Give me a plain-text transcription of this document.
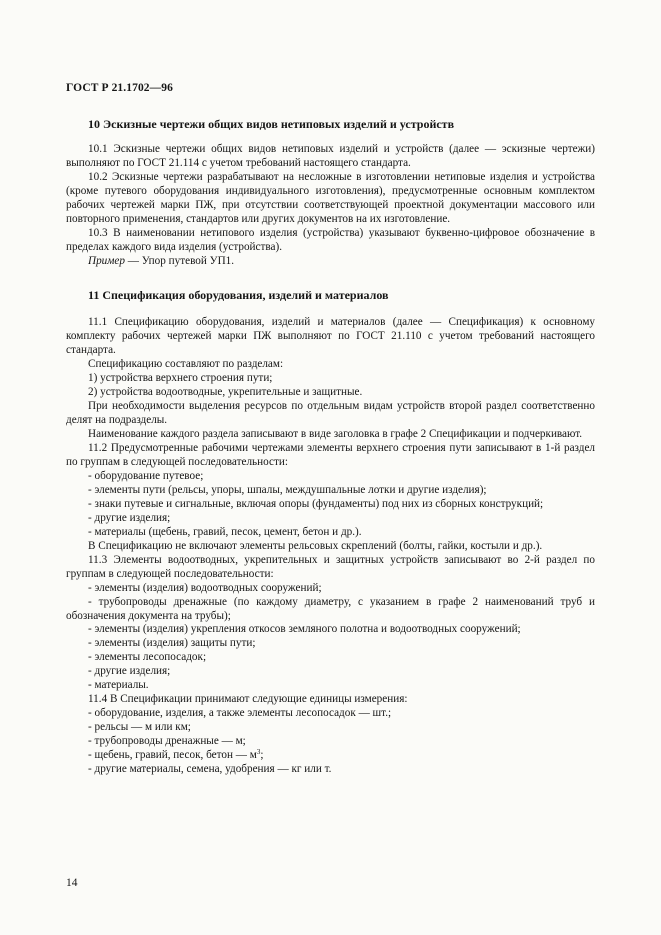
ГОСТ Р 21.1702—96
10 Эскизные чертежи общих видов нетиповых изделий и устройств

10.1 Эскизные чертежи общих видов нетиповых изделий и устройств (далее — эскизные чертежи) выполняют по ГОСТ 21.114 с учетом требований настоящего стандарта.

10.2 Эскизные чертежи разрабатывают на несложные в изготовлении нетиповые изделия и устройства (кроме путевого оборудования индивидуального изготовления), предусмотренные основным комплектом рабочих чертежей марки ПЖ, при отсутствии соответствующей проектной документации массового или повторного применения, стандартов или других документов на их изготовление.

10.3 В наименовании нетипового изделия (устройства) указывают буквенно-цифровое обозначение в пределах каждого вида изделия (устройства).

Пример — Упор путевой УП1.

11 Спецификация оборудования, изделий и материалов

11.1 Спецификацию оборудования, изделий и материалов (далее — Спецификация) к основному комплекту рабочих чертежей марки ПЖ выполняют по ГОСТ 21.110 с учетом требований настоящего стандарта.

Спецификацию составляют по разделам:

1) устройства верхнего строения пути;

2) устройства водоотводные, укрепительные и защитные.

При необходимости выделения ресурсов по отдельным видам устройств второй раздел соответственно делят на подразделы.

Наименование каждого раздела записывают в виде заголовка в графе 2 Спецификации и подчеркивают.

11.2 Предусмотренные рабочими чертежами элементы верхнего строения пути записывают в 1-й раздел по группам в следующей последовательности:

- оборудование путевое;

- элементы пути (рельсы, упоры, шпалы, междушпальные лотки и другие изделия);

- знаки путевые и сигнальные, включая опоры (фундаменты) под них из сборных конструкций;

- другие изделия;

- материалы (щебень, гравий, песок, цемент, бетон и др.).

В Спецификацию не включают элементы рельсовых скреплений (болты, гайки, костыли и др.).

11.3 Элементы водоотводных, укрепительных и защитных устройств записывают во 2-й раздел по группам в следующей последовательности:

- элементы (изделия) водоотводных сооружений;

- трубопроводы дренажные (по каждому диаметру, с указанием в графе 2 наименований труб и обозначения документа на трубы);

- элементы (изделия) укрепления откосов земляного полотна и водоотводных сооружений;

- элементы (изделия) защиты пути;

- элементы лесопосадок;

- другие изделия;

- материалы.

11.4 В Спецификации принимают следующие единицы измерения:

- оборудование, изделия, а также элементы лесопосадок — шт.;

- рельсы — м или км;

- трубопроводы дренажные — м;

- щебень, гравий, песок, бетон — $м^3$;

- другие материалы, семена, удобрения — кг или т.

14
